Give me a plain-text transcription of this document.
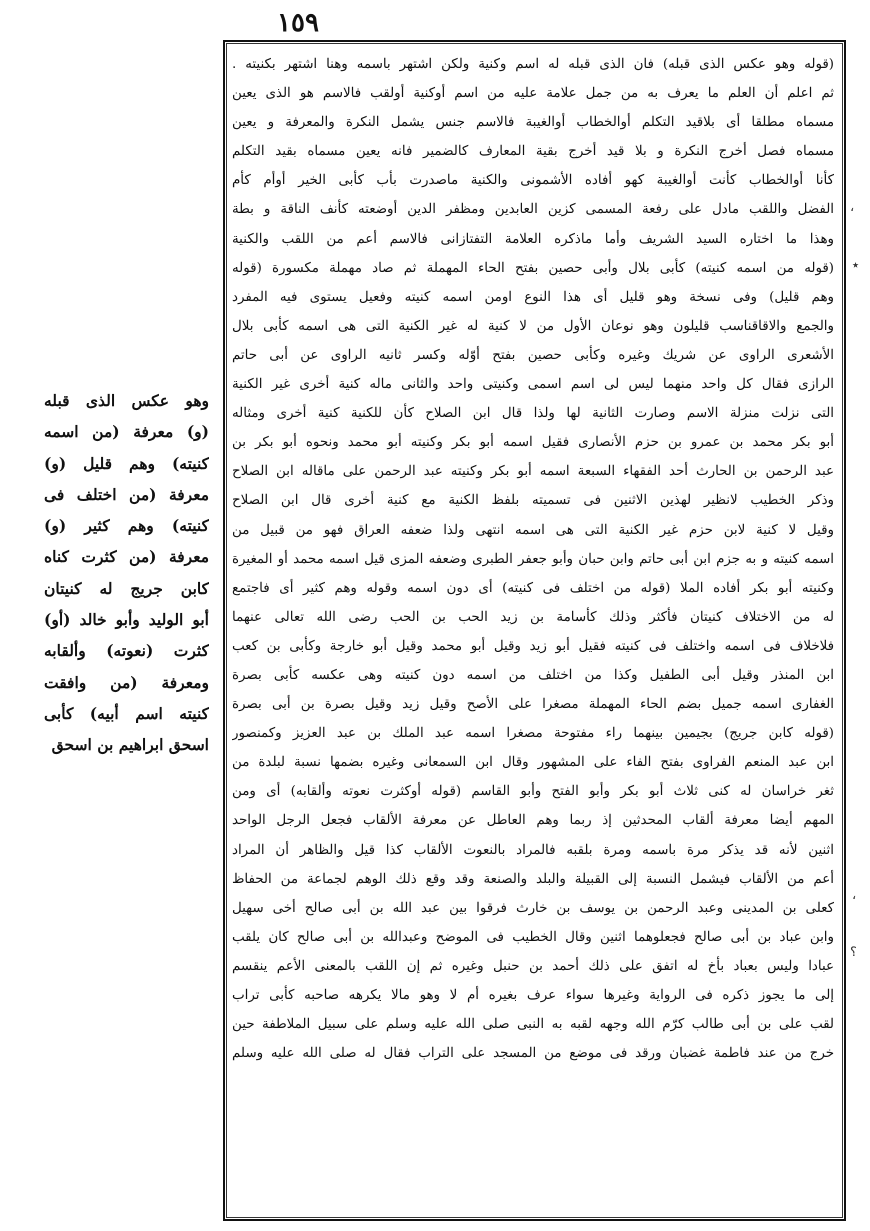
١٥٩
(قوله وهو عكس الذى قبله) فان الذى قبله له اسم وكنية ولكن اشتهر باسمه وهنا اشتهر بكنيته .
ثم اعلم أن العلم ما يعرف به من جمل علامة عليه من اسم أوكنية أولقب فالاسم هو الذى يعين
مسماه مطلقا أى بلاقيد التكلم أوالخطاب أوالغيبة فالاسم جنس يشمل النكرة والمعرفة و يعين
مسماه فصل أخرج النكرة و بلا قيد أخرج بقية المعارف كالضمير فانه يعين مسماه بقيد التكلم
كأنا أوالخطاب كأنت أوالغيبة كهو أفاده الأشمونى والكنية ماصدرت بأب كأبى الخير أوأم كأم
الفضل واللقب مادل على رفعة المسمى كزين العابدين ومظفر الدين أوضعته كأنف الناقة و بطة
وهذا ما اختاره السيد الشريف وأما ماذكره العلامة التفتازانى فالاسم أعم من اللقب والكنية
(قوله من اسمه كنيته) كأبى بلال وأبى حصين بفتح الحاء المهملة ثم صاد مهملة مكسورة (قوله
وهم قليل) وفى نسخة وهو قليل أى هذا النوع اومن اسمه كنيته وفعيل يستوى فيه المفرد
والجمع والاقاقناسب قليلون وهو نوعان الأول من لا كنية له غير الكنية التى هى اسمه كأبى بلال
الأشعرى الراوى عن شريك وغيره وكأبى حصين بفتح أوّله وكسر ثانيه الراوى عن أبى حاتم
الرازى فقال كل واحد منهما ليس لى اسم اسمى وكنيتى واحد والثانى ماله كنية أخرى غير الكنية
التى نزلت منزلة الاسم وصارت الثانية لها ولذا قال ابن الصلاح كأن للكنية كنية أخرى ومثاله
أبو بكر محمد بن عمرو بن حزم الأنصارى فقيل اسمه أبو بكر وكنيته أبو محمد ونحوه أبو بكر بن
عبد الرحمن بن الحارث أحد الفقهاء السبعة اسمه أبو بكر وكنيته عبد الرحمن على ماقاله ابن الصلاح
وذكر الخطيب لانظير لهذين الاثنين فى تسميته بلفظ الكنية مع كنية أخرى قال ابن الصلاح
وقيل لا كنية لابن حزم غير الكنية التى هى اسمه انتهى ولذا ضعفه العراق فهو من قبيل من
اسمه كنيته و به جزم ابن أبى حاتم وابن حبان وأبو جعفر الطبرى وضعفه المزى قيل اسمه محمد أو المغيرة
وكنيته أبو بكر أفاده الملا (قوله من اختلف فى كنيته) أى دون اسمه وقوله وهم كثير أى فاجتمع
له من الاختلاف كنيتان فأكثر وذلك كأسامة بن زيد الحب بن الحب رضى الله تعالى عنهما
فلاخلاف فى اسمه واختلف فى كنيته فقيل أبو زيد وقيل أبو محمد وقيل أبو خارجة وكأبى بن كعب
ابن المنذر وقيل أبى الطفيل وكذا من اختلف من اسمه دون كنيته وهى عكسه كأبى بصرة
الغفارى اسمه جميل بضم الحاء المهملة مصغرا على الأصح وقيل زيد وقيل بصرة بن أبى بصرة
(قوله كابن جريج) بجيمين بينهما راء مفتوحة مصغرا اسمه عبد الملك بن عبد العزيز وكمنصور
ابن عبد المنعم الفراوى بفتح الفاء على المشهور وقال ابن السمعانى وغيره بضمها نسبة لبلدة من
ثغر خراسان له كنى ثلاث أبو بكر وأبو الفتح وأبو القاسم (قوله أوكثرت نعوته وألقابه) أى ومن
المهم أيضا معرفة ألقاب المحدثين إذ ربما وهم العاطل عن معرفة الألقاب فجعل الرجل الواحد
اثنين لأنه قد يذكر مرة باسمه ومرة بلقبه فالمراد بالنعوت الألقاب كذا قيل والظاهر أن المراد
أعم من الألقاب فيشمل النسبة إلى القبيلة والبلد والصنعة وقد وقع ذلك الوهم لجماعة من الحفاظ
كعلى بن المدينى وعبد الرحمن بن يوسف بن خارث فرقوا بين عبد الله بن أبى صالح أخى سهيل
وابن عباد بن أبى صالح فجعلوهما اثنين وقال الخطيب فى الموضح وعبدالله بن أبى صالح كان يلقب
عبادا وليس بعباد بأخ له اتفق على ذلك أحمد بن حنبل وغيره ثم إن اللقب بالمعنى الأعم ينقسم
إلى ما يجوز ذكره فى الرواية وغيرها سواء عرف بغيره أم لا وهو مالا يكرهه صاحبه كأبى تراب
لقب على بن أبى طالب كرّم الله وجهه لقبه به النبى صلى الله عليه وسلم على سبيل الملاطفة حين
خرج من عند فاطمة غضبان ورقد فى موضع من المسجد على التراب فقال له صلى الله عليه وسلم
وهو عكس الذى قبله
(و) معرفة (من اسمه
كنيته) وهم قليل (و)
معرفة (من اختلف فى
كنيته) وهم كثير (و)
معرفة (من كثرت كناه
كابن جريج له كنيتان
أبو الوليد وأبو خالد (أو)
كثرت (نعوته) وألقابه
ومعرفة (من وافقت
كنيته اسم أبيه) كأبى
اسحق ابراهيم بن اسحق
،
٭
،
؟
